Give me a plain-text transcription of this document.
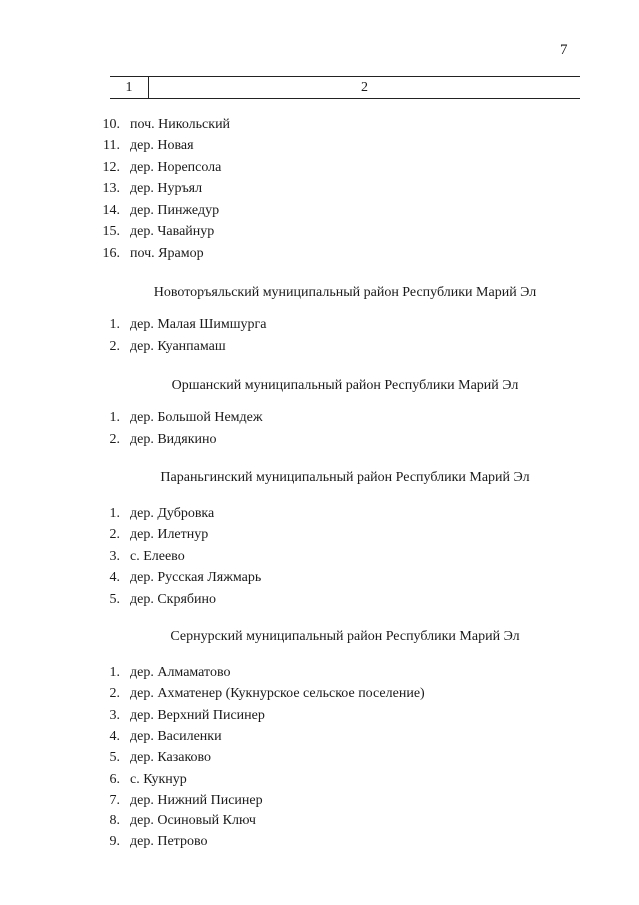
7
1	2
10. поч. Никольский
11. дер. Новая
12. дер. Норепсола
13. дер. Нуръял
14. дер. Пинжедур
15. дер. Чавайнур
16. поч. Ярамор
Новоторъяльский муниципальный район Республики Марий Эл
1. дер. Малая Шимшурга
2. дер. Куанпамаш
Оршанский муниципальный район Республики Марий Эл
1. дер. Большой Немдеж
2. дер. Видякино
Параньгинский муниципальный район Республики Марий Эл
1. дер. Дубровка
2. дер. Илетнур
3. с. Елеево
4. дер. Русская Ляжмарь
5. дер. Скрябино
Сернурский муниципальный район Республики Марий Эл
1. дер. Алмаматово
2. дер. Ахматенер (Кукнурское сельское поселение)
3. дер. Верхний Писинер
4. дер. Василенки
5. дер. Казаково
6. с. Кукнур
7. дер. Нижний Писинер
8. дер. Осиновый Ключ
9. дер. Петрово
